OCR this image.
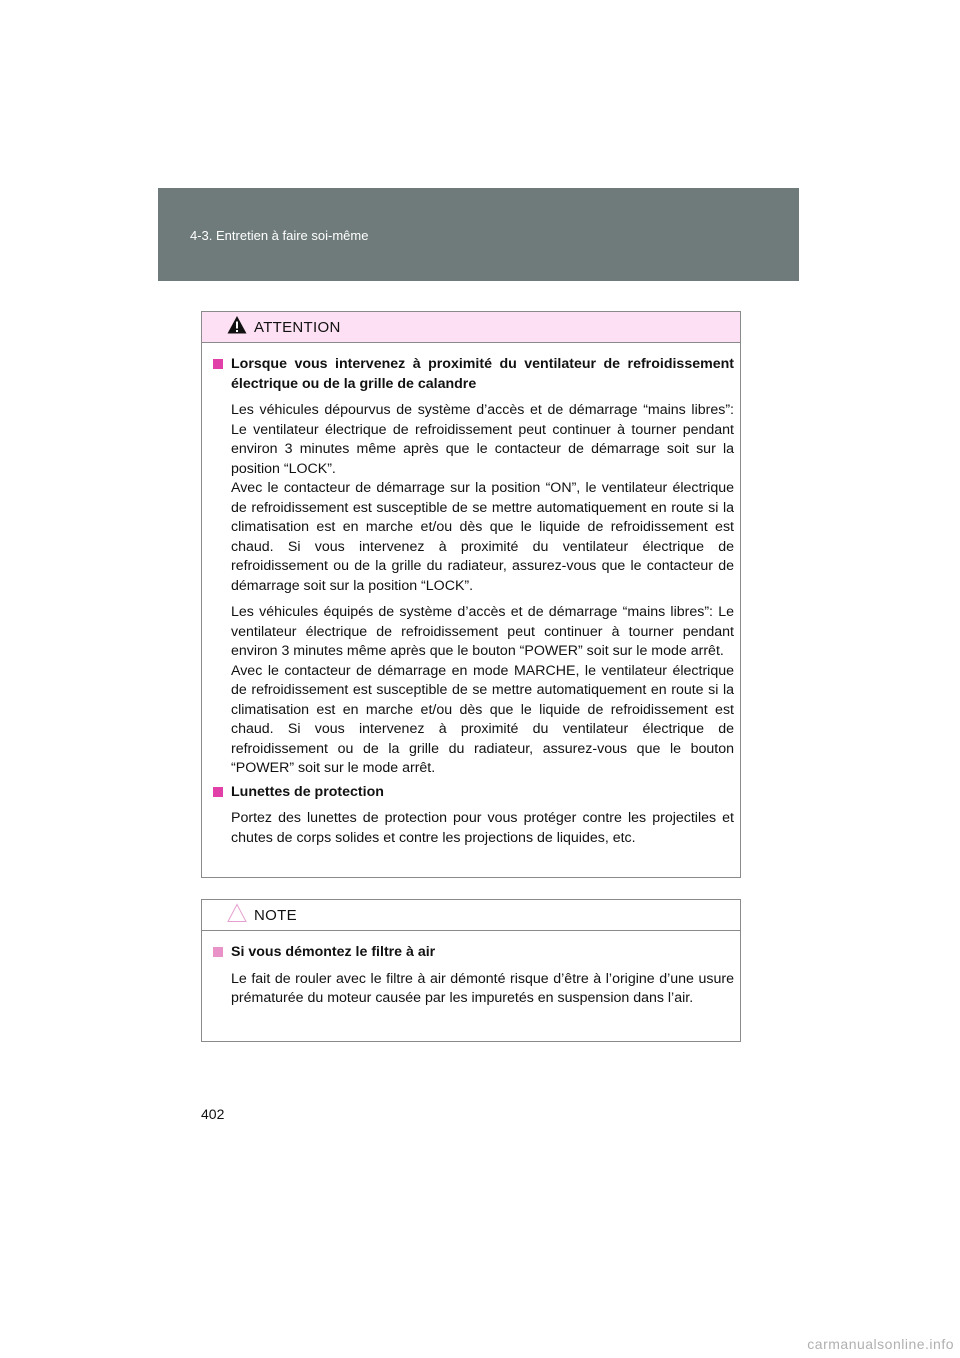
4-3. Entretien à faire soi-même
ATTENTION
Lorsque vous intervenez à proximité du ventilateur de refroidissement électrique ou de la grille de calandre
Les véhicules dépourvus de système d’accès et de démarrage “mains libres”: Le ventilateur électrique de refroidissement peut continuer à tourner pendant environ 3 minutes même après que le contacteur de démarrage soit sur la position “LOCK”.
Avec le contacteur de démarrage sur la position “ON”, le ventilateur électrique de refroidissement est susceptible de se mettre automatiquement en route si la climatisation est en marche et/ou dès que le liquide de refroidissement est chaud. Si vous intervenez à proximité du ventilateur électrique de refroidissement ou de la grille du radiateur, assurez-vous que le contacteur de démarrage soit sur la position “LOCK”.
Les véhicules équipés de système d’accès et de démarrage “mains libres”: Le ventilateur électrique de refroidissement peut continuer à tourner pendant environ 3 minutes même après que le bouton “POWER” soit sur le mode arrêt.
Avec le contacteur de démarrage en mode MARCHE, le ventilateur électrique de refroidissement est susceptible de se mettre automatiquement en route si la climatisation est en marche et/ou dès que le liquide de refroidissement est chaud. Si vous intervenez à proximité du ventilateur électrique de refroidissement ou de la grille du radiateur, assurez-vous que le bouton “POWER” soit sur le mode arrêt.
Lunettes de protection
Portez des lunettes de protection pour vous protéger contre les projectiles et chutes de corps solides et contre les projections de liquides, etc.
NOTE
Si vous démontez le filtre à air
Le fait de rouler avec le filtre à air démonté risque d’être à l’origine d’une usure prématurée du moteur causée par les impuretés en suspension dans l’air.
402
carmanualsonline.info
